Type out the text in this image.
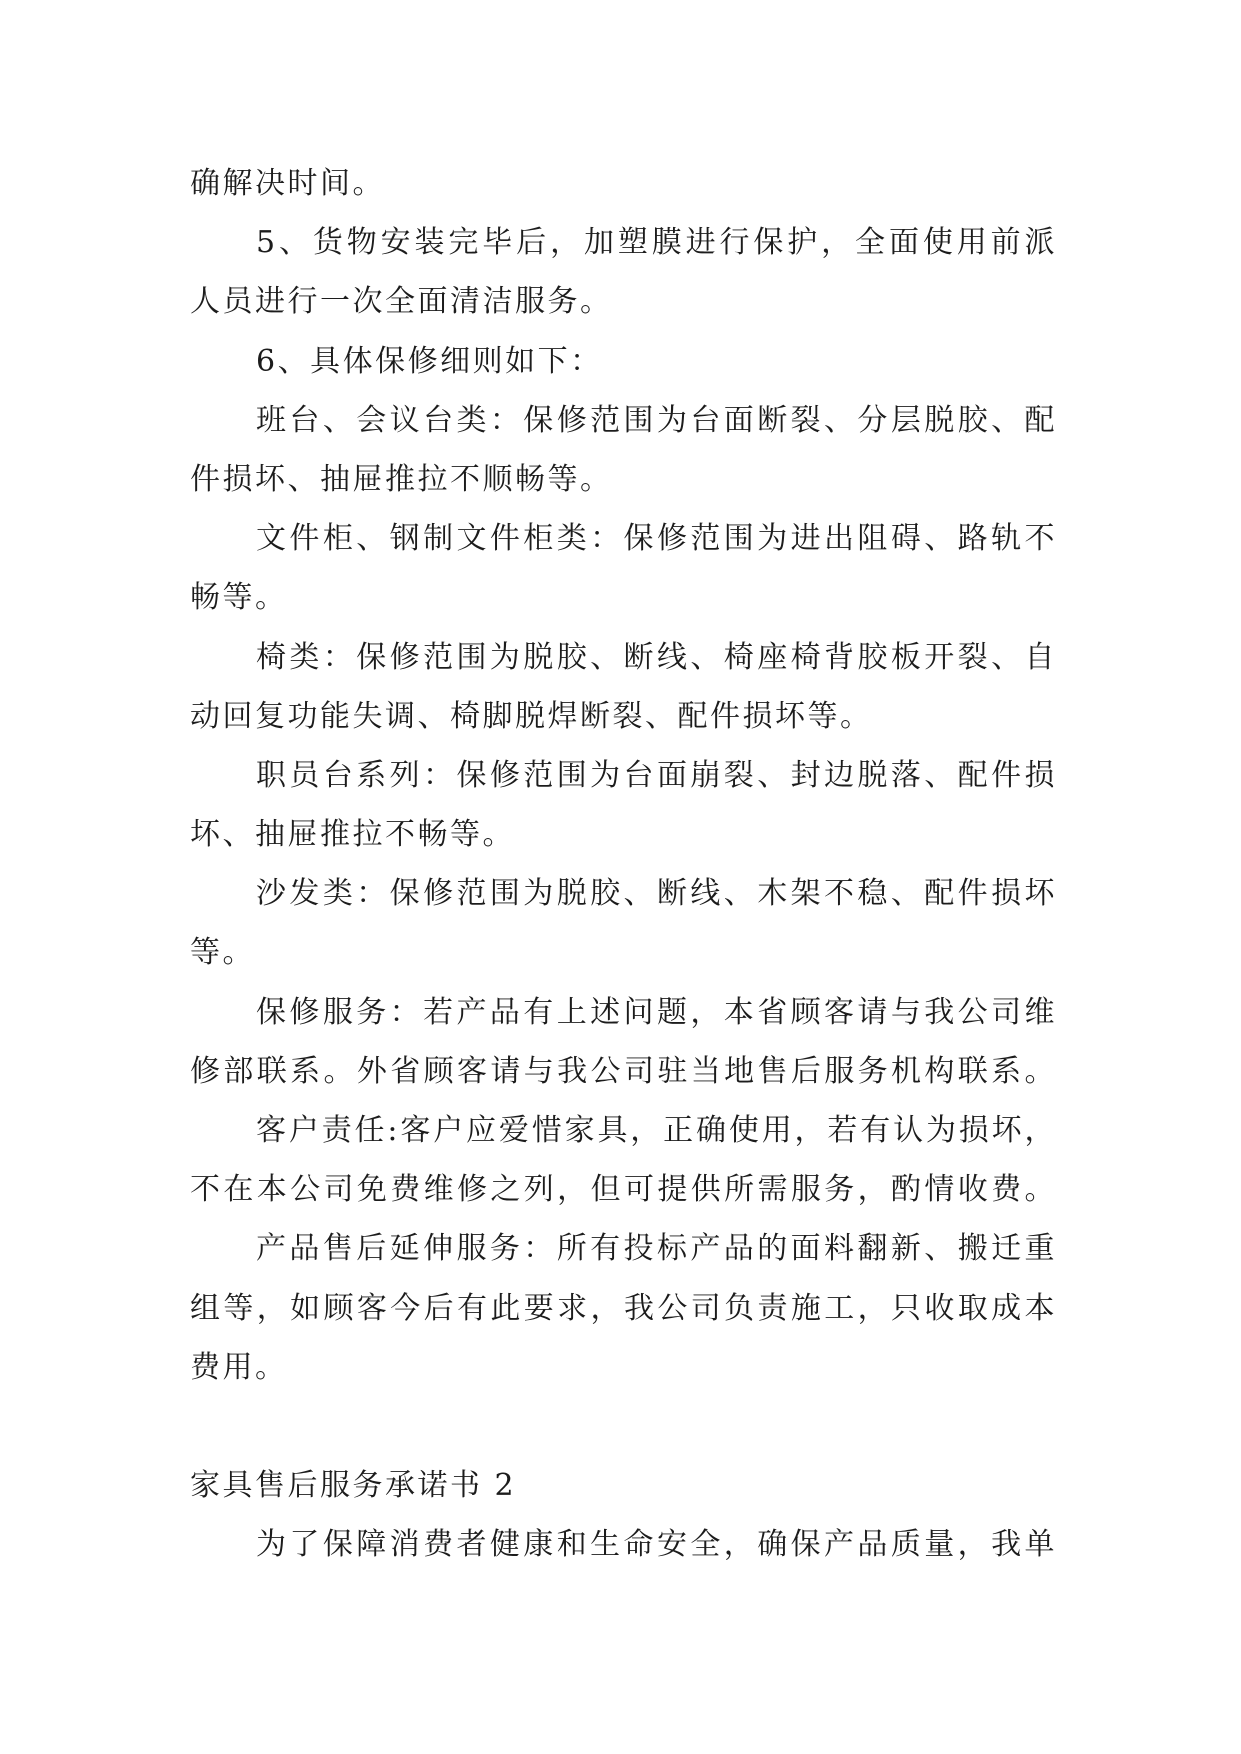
确解决时间。
5、货物安装完毕后，加塑膜进行保护，全面使用前派
人员进行一次全面清洁服务。
6、具体保修细则如下：
班台、会议台类：保修范围为台面断裂、分层脱胶、配
件损坏、抽屉推拉不顺畅等。
文件柜、钢制文件柜类：保修范围为进出阻碍、路轨不
畅等。
椅类：保修范围为脱胶、断线、椅座椅背胶板开裂、自
动回复功能失调、椅脚脱焊断裂、配件损坏等。
职员台系列：保修范围为台面崩裂、封边脱落、配件损
坏、抽屉推拉不畅等。
沙发类：保修范围为脱胶、断线、木架不稳、配件损坏
等。
保修服务：若产品有上述问题，本省顾客请与我公司维
修部联系。外省顾客请与我公司驻当地售后服务机构联系。
客户责任:客户应爱惜家具，正确使用，若有认为损坏，
不在本公司免费维修之列，但可提供所需服务，酌情收费。
产品售后延伸服务：所有投标产品的面料翻新、搬迁重
组等，如顾客今后有此要求，我公司负责施工，只收取成本
费用。
家具售后服务承诺书 2
为了保障消费者健康和生命安全，确保产品质量，我单
